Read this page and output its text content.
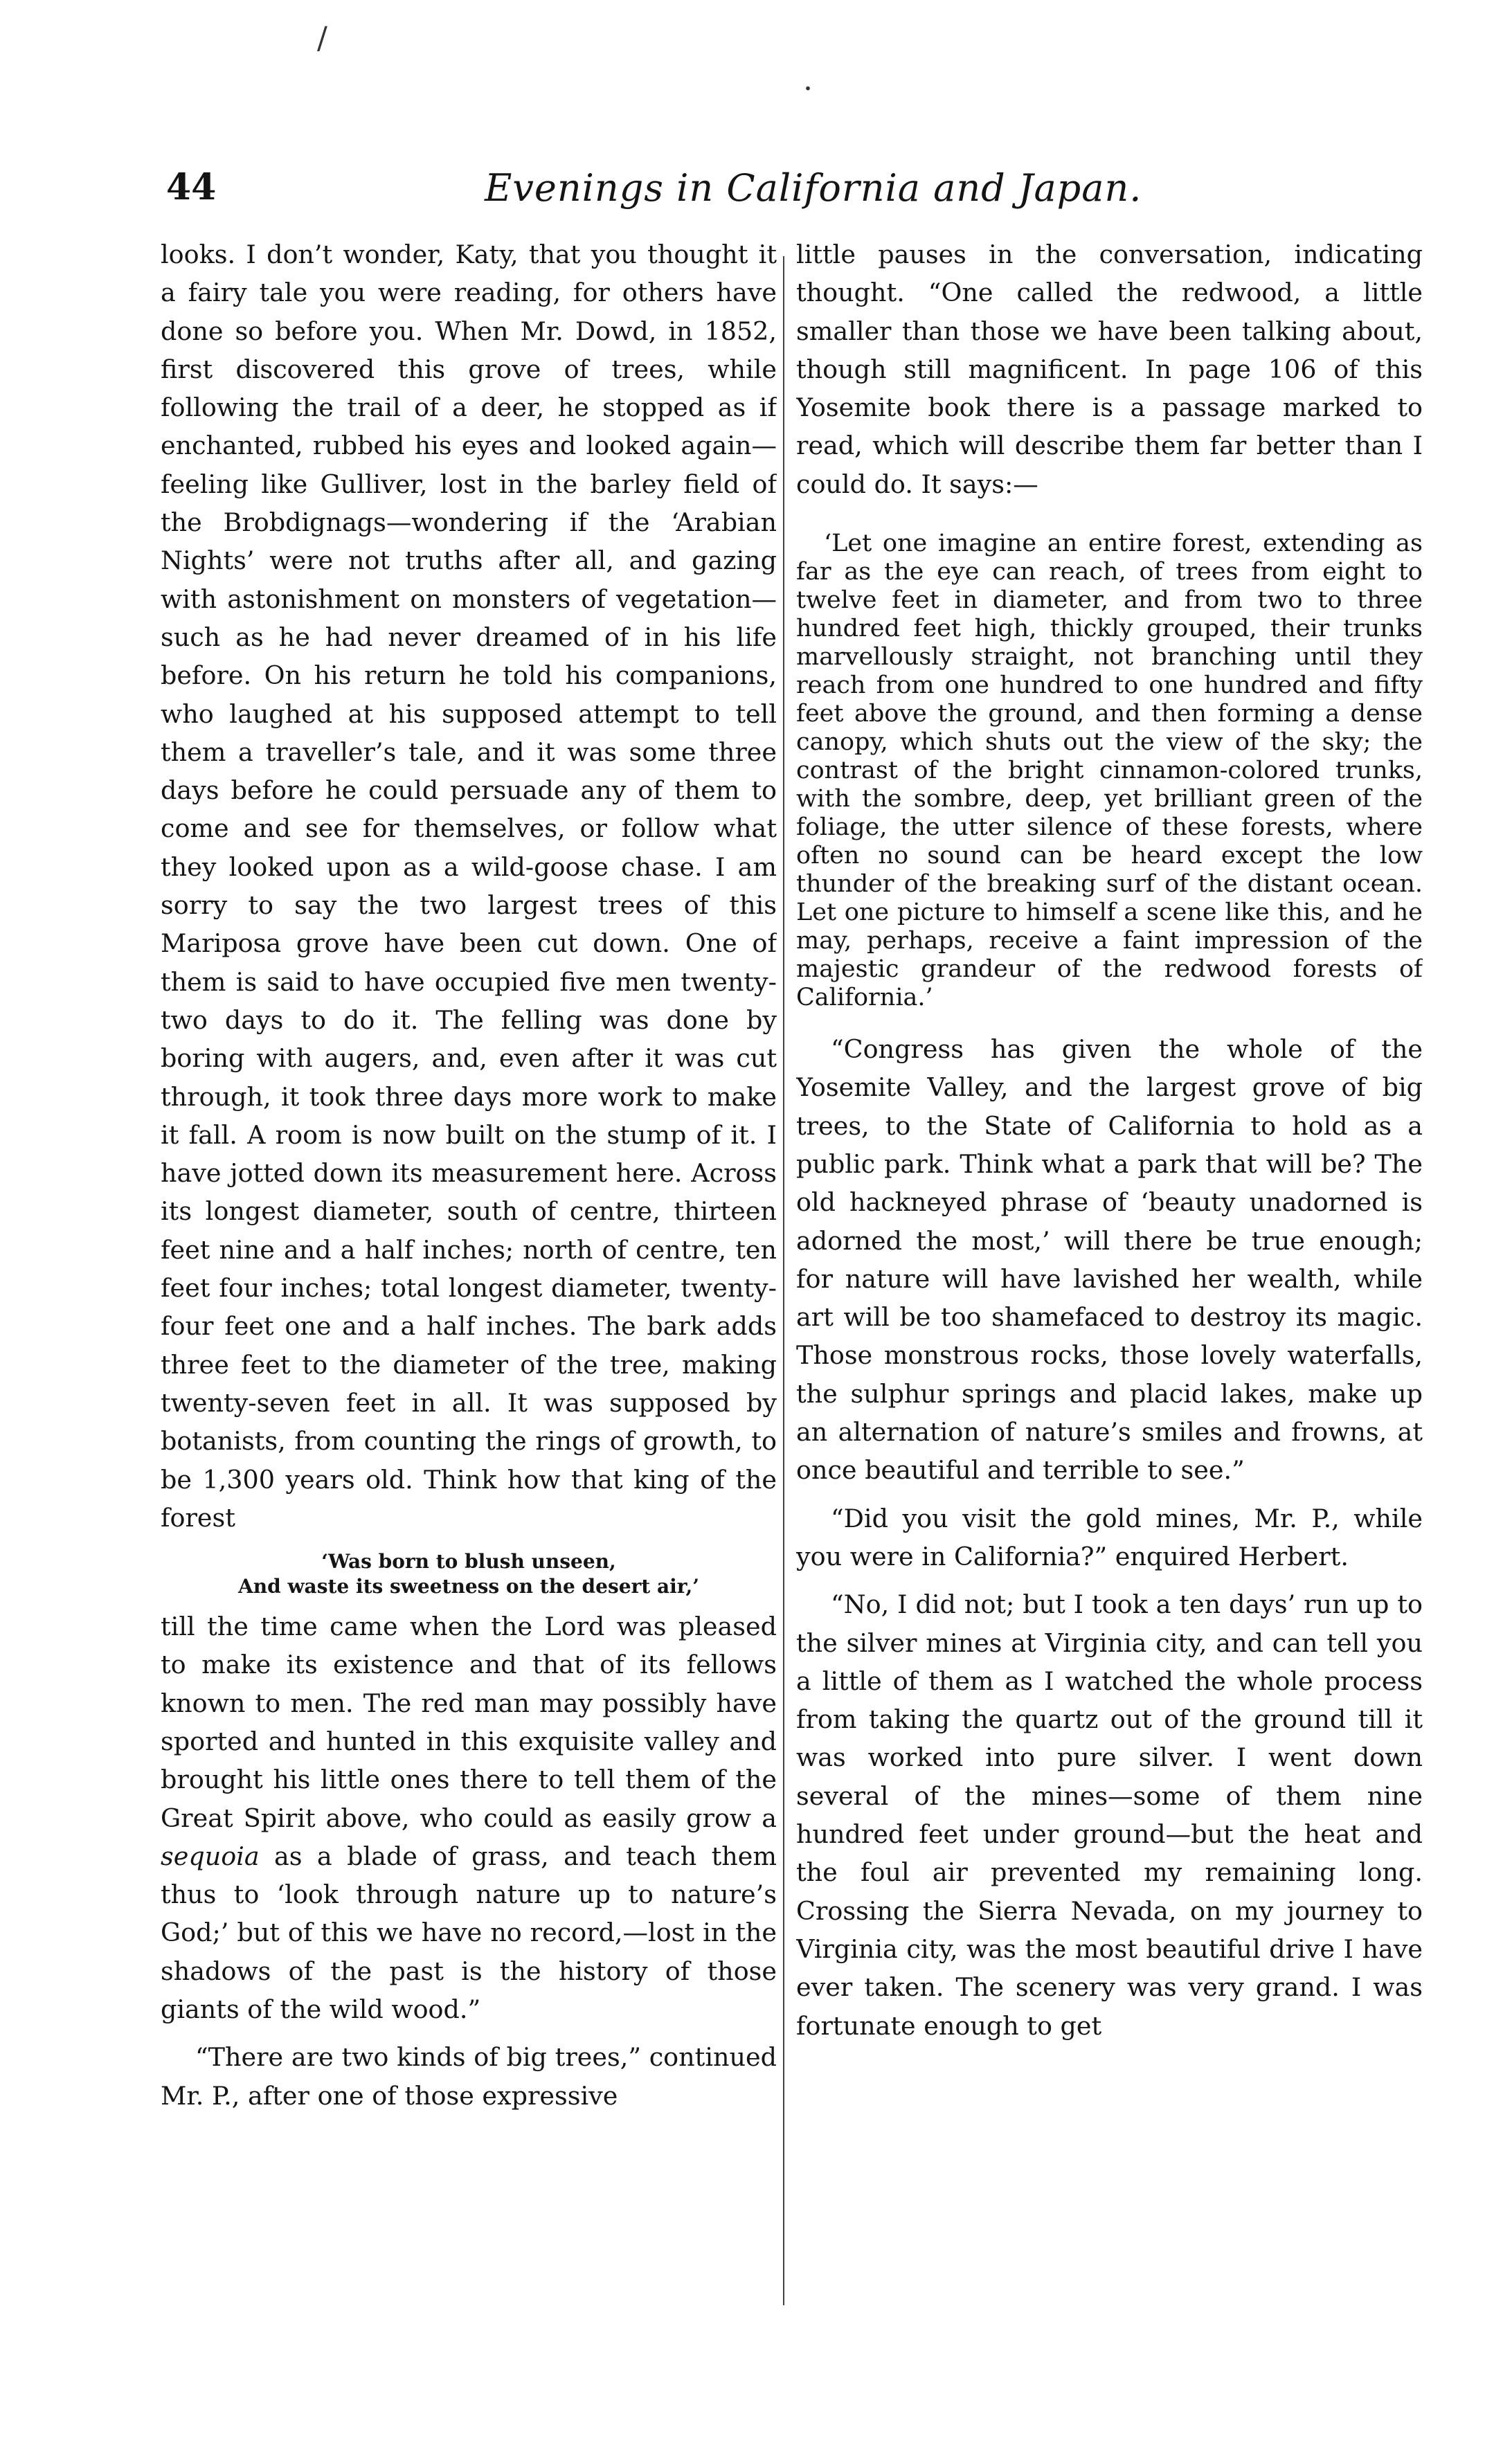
/
.
44	Evenings in California and Japan.

looks. I don’t wonder, Katy, that you thought it a fairy tale you were reading, for others have done so before you. When Mr. Dowd, in 1852, first discovered this grove of trees, while following the trail of a deer, he stopped as if enchanted, rubbed his eyes and looked again—feeling like Gulliver, lost in the barley field of the Brobdignags—wondering if the ‘Arabian Nights’ were not truths after all, and gazing with astonishment on monsters of vegetation—such as he had never dreamed of in his life before. On his return he told his companions, who laughed at his supposed attempt to tell them a traveller’s tale, and it was some three days before he could persuade any of them to come and see for themselves, or follow what they looked upon as a wild-goose chase. I am sorry to say the two largest trees of this Mariposa grove have been cut down. One of them is said to have occupied five men twenty-two days to do it. The felling was done by boring with augers, and, even after it was cut through, it took three days more work to make it fall. A room is now built on the stump of it. I have jotted down its measurement here. Across its longest diameter, south of centre, thirteen feet nine and a half inches; north of centre, ten feet four inches; total longest diameter, twenty-four feet one and a half inches. The bark adds three feet to the diameter of the tree, making twenty-seven feet in all. It was supposed by botanists, from counting the rings of growth, to be 1,300 years old. Think how that king of the forest

‘Was born to blush unseen,
And waste its sweetness on the desert air,’

till the time came when the Lord was pleased to make its existence and that of its fellows known to men. The red man may possibly have sported and hunted in this exquisite valley and brought his little ones there to tell them of the Great Spirit above, who could as easily grow a sequoia as a blade of grass, and teach them thus to ‘look through nature up to nature’s God;’ but of this we have no record,—lost in the shadows of the past is the history of those giants of the wild wood.”

“There are two kinds of big trees,” continued Mr. P., after one of those expressive

little pauses in the conversation, indicating thought. “One called the redwood, a little smaller than those we have been talking about, though still magnificent. In page 106 of this Yosemite book there is a passage marked to read, which will describe them far better than I could do. It says:—

‘Let one imagine an entire forest, extending as far as the eye can reach, of trees from eight to twelve feet in diameter, and from two to three hundred feet high, thickly grouped, their trunks marvellously straight, not branching until they reach from one hundred to one hundred and fifty feet above the ground, and then forming a dense canopy, which shuts out the view of the sky; the contrast of the bright cinnamon-colored trunks, with the sombre, deep, yet brilliant green of the foliage, the utter silence of these forests, where often no sound can be heard except the low thunder of the breaking surf of the distant ocean. Let one picture to himself a scene like this, and he may, perhaps, receive a faint impression of the majestic grandeur of the redwood forests of California.’

“Congress has given the whole of the Yosemite Valley, and the largest grove of big trees, to the State of California to hold as a public park. Think what a park that will be? The old hackneyed phrase of ‘beauty unadorned is adorned the most,’ will there be true enough; for nature will have lavished her wealth, while art will be too shamefaced to destroy its magic. Those monstrous rocks, those lovely waterfalls, the sulphur springs and placid lakes, make up an alternation of nature’s smiles and frowns, at once beautiful and terrible to see.”

“Did you visit the gold mines, Mr. P., while you were in California?” enquired Herbert.

“No, I did not; but I took a ten days’ run up to the silver mines at Virginia city, and can tell you a little of them as I watched the whole process from taking the quartz out of the ground till it was worked into pure silver. I went down several of the mines—some of them nine hundred feet under ground—but the heat and the foul air prevented my remaining long. Crossing the Sierra Nevada, on my journey to Virginia city, was the most beautiful drive I have ever taken. The scenery was very grand. I was fortunate enough to get
